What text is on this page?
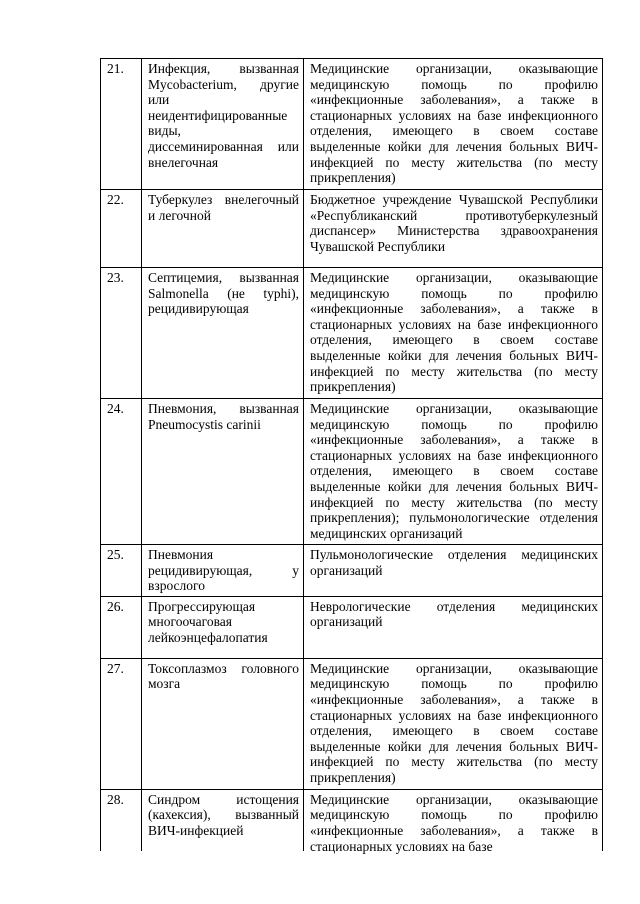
21.	Инфекция, вызванная Mycobacterium, другие или неидентифицированные виды, диссеминированная или внелегочная	Медицинские организации, оказывающие медицинскую помощь по профилю «инфекционные заболевания», а также в стационарных условиях на базе инфекционного отделения, имеющего в своем составе выделенные койки для лечения больных ВИЧ-инфекцией по месту жительства (по месту прикрепления)
22.	Туберкулез внелегочный и легочной	Бюджетное учреждение Чувашской Республики «Республиканский противотуберкулезный диспансер» Министерства здравоохранения Чувашской Республики
23.	Септицемия, вызванная Salmonella (не typhi), рецидивирующая	Медицинские организации, оказывающие медицинскую помощь по профилю «инфекционные заболевания», а также в стационарных условиях на базе инфекционного отделения, имеющего в своем составе выделенные койки для лечения больных ВИЧ-инфекцией по месту жительства (по месту прикрепления)
24.	Пневмония, вызванная Pneumocystis carinii	Медицинские организации, оказывающие медицинскую помощь по профилю «инфекционные заболевания», а также в стационарных условиях на базе инфекционного отделения, имеющего в своем составе выделенные койки для лечения больных ВИЧ-инфекцией по месту жительства (по месту прикрепления); пульмонологические отделения медицинских организаций
25.	Пневмония рецидивирующая, у взрослого	Пульмонологические отделения медицинских организаций
26.	Прогрессирующая многоочаговая лейкоэнцефалопатия	Неврологические отделения медицинских организаций
27.	Токсоплазмоз головного мозга	Медицинские организации, оказывающие медицинскую помощь по профилю «инфекционные заболевания», а также в стационарных условиях на базе инфекционного отделения, имеющего в своем составе выделенные койки для лечения больных ВИЧ-инфекцией по месту жительства (по месту прикрепления)
28.	Синдром истощения (кахексия), вызванный ВИЧ-инфекцией	Медицинские организации, оказывающие медицинскую помощь по профилю «инфекционные заболевания», а также в стационарных условиях на базе
